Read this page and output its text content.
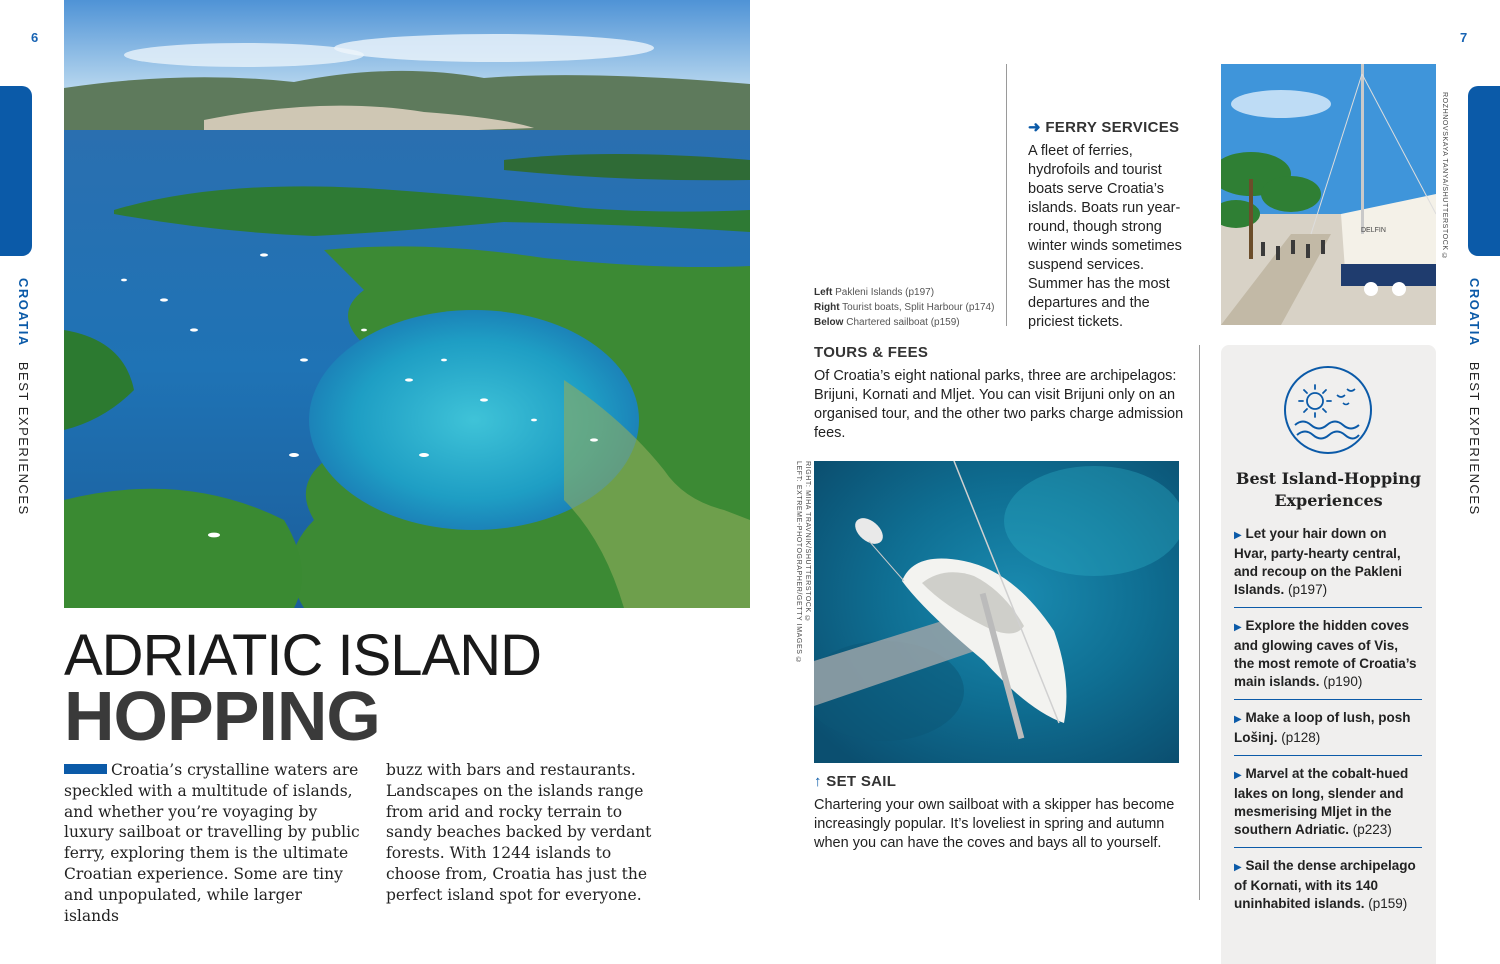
6	7
CROATIA BEST EXPERIENCES
CROATIA BEST EXPERIENCES
ADRIATIC ISLAND
HOPPING
Croatia’s crystalline waters are speckled with a multitude of islands, and whether you’re voyaging by luxury sailboat or travelling by public ferry, exploring them is the ultimate Croatian experience. Some are tiny and unpopulated, while larger islands
buzz with bars and restaurants. Landscapes on the islands range from arid and rocky terrain to sandy beaches backed by verdant forests. With 1244 islands to choose from, Croatia has just the perfect island spot for everyone.
Left Pakleni Islands (p197)
Right Tourist boats, Split Harbour (p174)
Below Chartered sailboat (p159)
➜ FERRY SERVICES
A fleet of ferries, hydrofoils and tourist boats serve Croatia’s islands. Boats run year-round, though strong winter winds sometimes suspend services. Summer has the most departures and the priciest tickets.
DELFIN	ROZHNOVSKAYA TANYA/SHUTTERSTOCK ©
TOURS & FEES
Of Croatia’s eight national parks, three are archipelagos: Brijuni, Kornati and Mljet. You can visit Brijuni only on an organised tour, and the other two parks charge admission fees.
RIGHT: MIHA TRAVNIK/SHUTTERSTOCK ©
LEFT: EXTREME-PHOTOGRAPHER/GETTY IMAGES ©
↑ SET SAIL
Chartering your own sailboat with a skipper has become increasingly popular. It’s loveliest in spring and autumn when you can have the coves and bays all to yourself.
Best Island-Hopping Experiences
▶ Let your hair down on Hvar, party-hearty central, and recoup on the Pakleni Islands. (p197)
▶ Explore the hidden coves and glowing caves of Vis, the most remote of Croatia’s main islands. (p190)
▶ Make a loop of lush, posh Lošinj. (p128)
▶ Marvel at the cobalt-hued lakes on long, slender and mesmerising Mljet in the southern Adriatic. (p223)
▶ Sail the dense archipelago of Kornati, with its 140 uninhabited islands. (p159)
